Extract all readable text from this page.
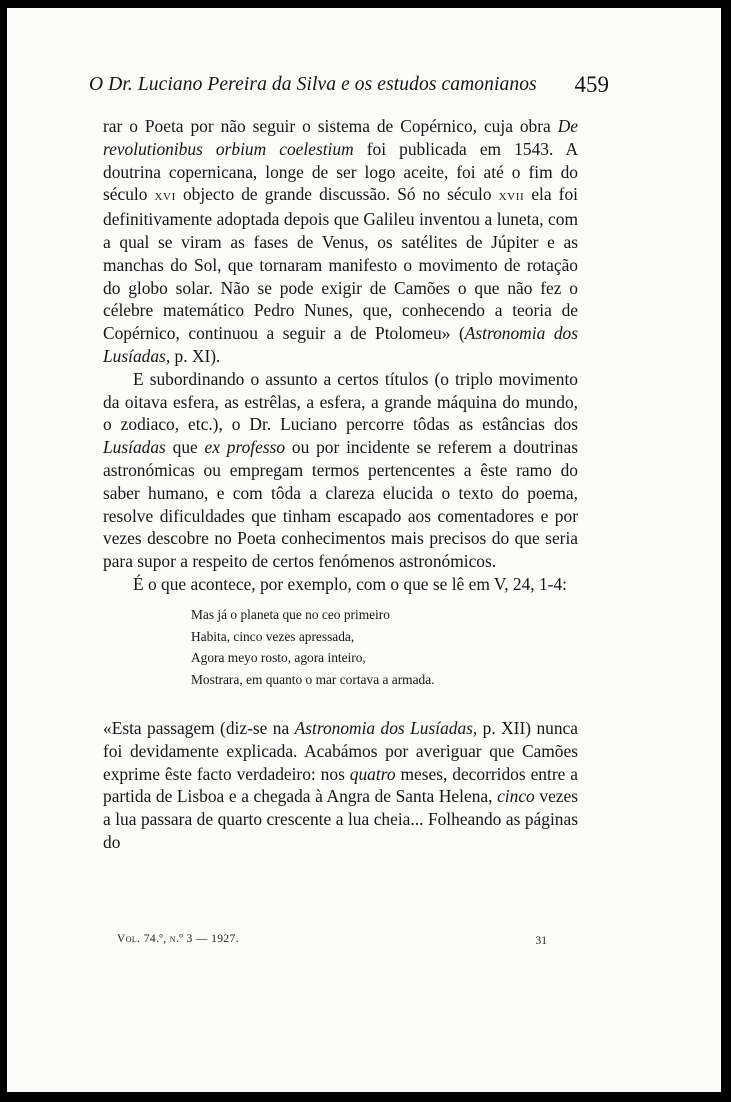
O Dr. Luciano Pereira da Silva e os estudos camonianos 459

rar o Poeta por não seguir o sistema de Copérnico, cuja obra De revolutionibus orbium coelestium foi publicada em 1543. A doutrina copernicana, longe de ser logo aceite, foi até o fim do século xvi objecto de grande discussão. Só no século xvii ela foi definitivamente adoptada depois que Galileu inventou a luneta, com a qual se viram as fases de Venus, os satélites de Júpiter e as manchas do Sol, que tornaram manifesto o movimento de rotação do globo solar. Não se pode exigir de Camões o que não fez o célebre matemático Pedro Nunes, que, conhecendo a teoria de Copérnico, continuou a seguir a de Ptolomeu» (Astronomia dos Lusíadas, p. XI).

E subordinando o assunto a certos títulos (o triplo movimento da oitava esfera, as estrêlas, a esfera, a grande máquina do mundo, o zodiaco, etc.), o Dr. Luciano percorre tôdas as estâncias dos Lusíadas que ex professo ou por incidente se referem a doutrinas astronómicas ou empregam termos pertencentes a êste ramo do saber humano, e com tôda a clareza elucida o texto do poema, resolve dificuldades que tinham escapado aos comentadores e por vezes descobre no Poeta conhecimentos mais precisos do que seria para supor a respeito de certos fenómenos astronómicos.

É o que acontece, por exemplo, com o que se lê em V, 24, 1-4:

Mas já o planeta que no ceo primeiro
Habita, cinco vezes apressada,
Agora meyo rosto, agora inteiro,
Mostrara, em quanto o mar cortava a armada.

«Esta passagem (diz-se na Astronomia dos Lusíadas, p. XII) nunca foi devidamente explicada. Acabámos por averiguar que Camões exprime êste facto verdadeiro: nos quatro meses, decorridos entre a partida de Lisboa e a chegada à Angra de Santa Helena, cinco vezes a lua passara de quarto crescente a lua cheia... Folheando as páginas do

Vol. 74.º, n.º 3 — 1927.	31
